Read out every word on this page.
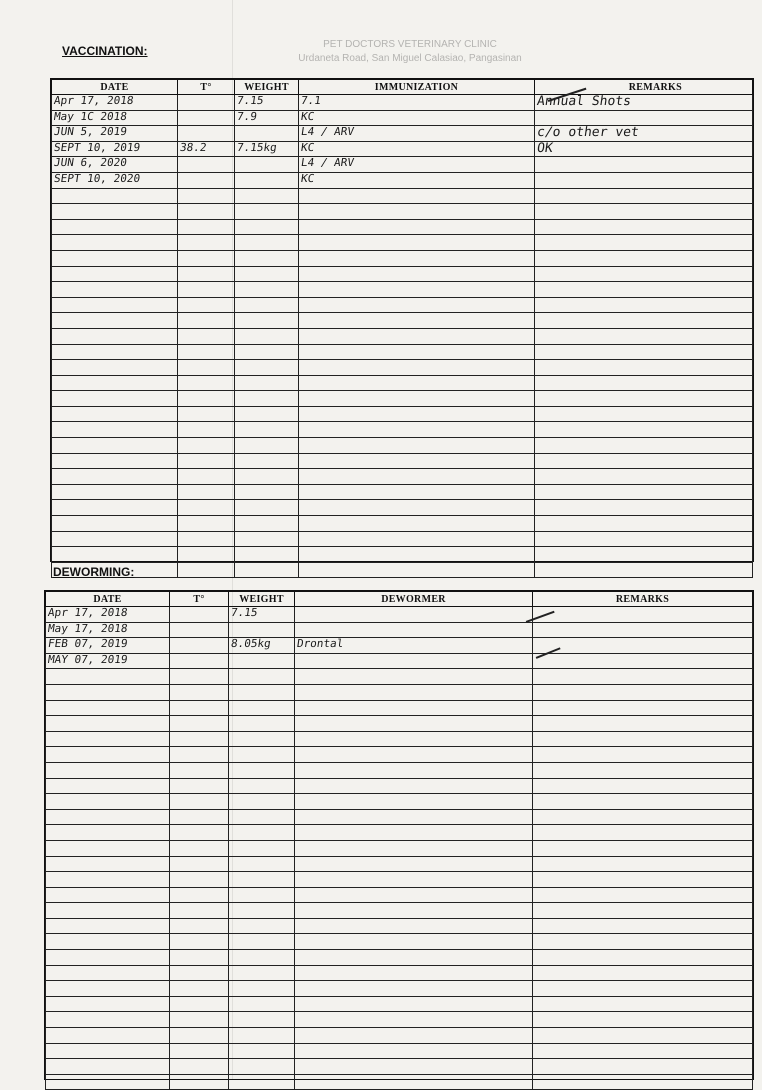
PET DOCTORS VETERINARY CLINIC
Urdaneta Road, San Miguel Calasiao, Pangasinan
VACCINATION:
DATE	T°	WEIGHT	IMMUNIZATION	REMARKS

Apr 17, 2018		7.15	7.1	Annual Shots

May 1C 2018		7.9	KC	

JUN 5, 2019			L4 / ARV	c/o other vet

SEPT 10, 2019	38.2	7.15kg	KC	OK

JUN 6, 2020			L4 / ARV	

SEPT 10, 2020			KC	

DEWORMING:
DATE	T°	WEIGHT	DEWORMER	REMARKS

Apr 17, 2018		7.15		

May 17, 2018				

FEB 07, 2019		8.05kg	Drontal	

MAY 07, 2019				
